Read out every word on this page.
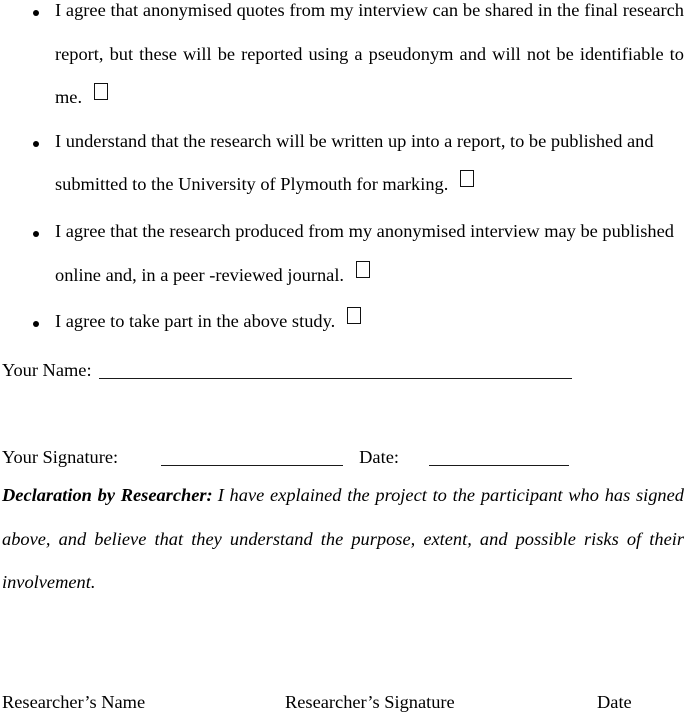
I agree that anonymised quotes from my interview can be shared in the final research
report, but these will be reported using a pseudonym and will not be identifiable to
me.
I understand that the research will be written up into a report, to be published and
submitted to the University of Plymouth for marking.
I agree that the research produced from my anonymised interview may be published
online and, in a peer -reviewed journal.
I agree to take part in the above study.
Your Name:
Your Signature:	Date:
Declaration by Researcher: I have explained the project to the participant who has signed
above, and believe that they understand the purpose, extent, and possible risks of their
involvement.
Researcher’s Name	Researcher’s Signature	Date
